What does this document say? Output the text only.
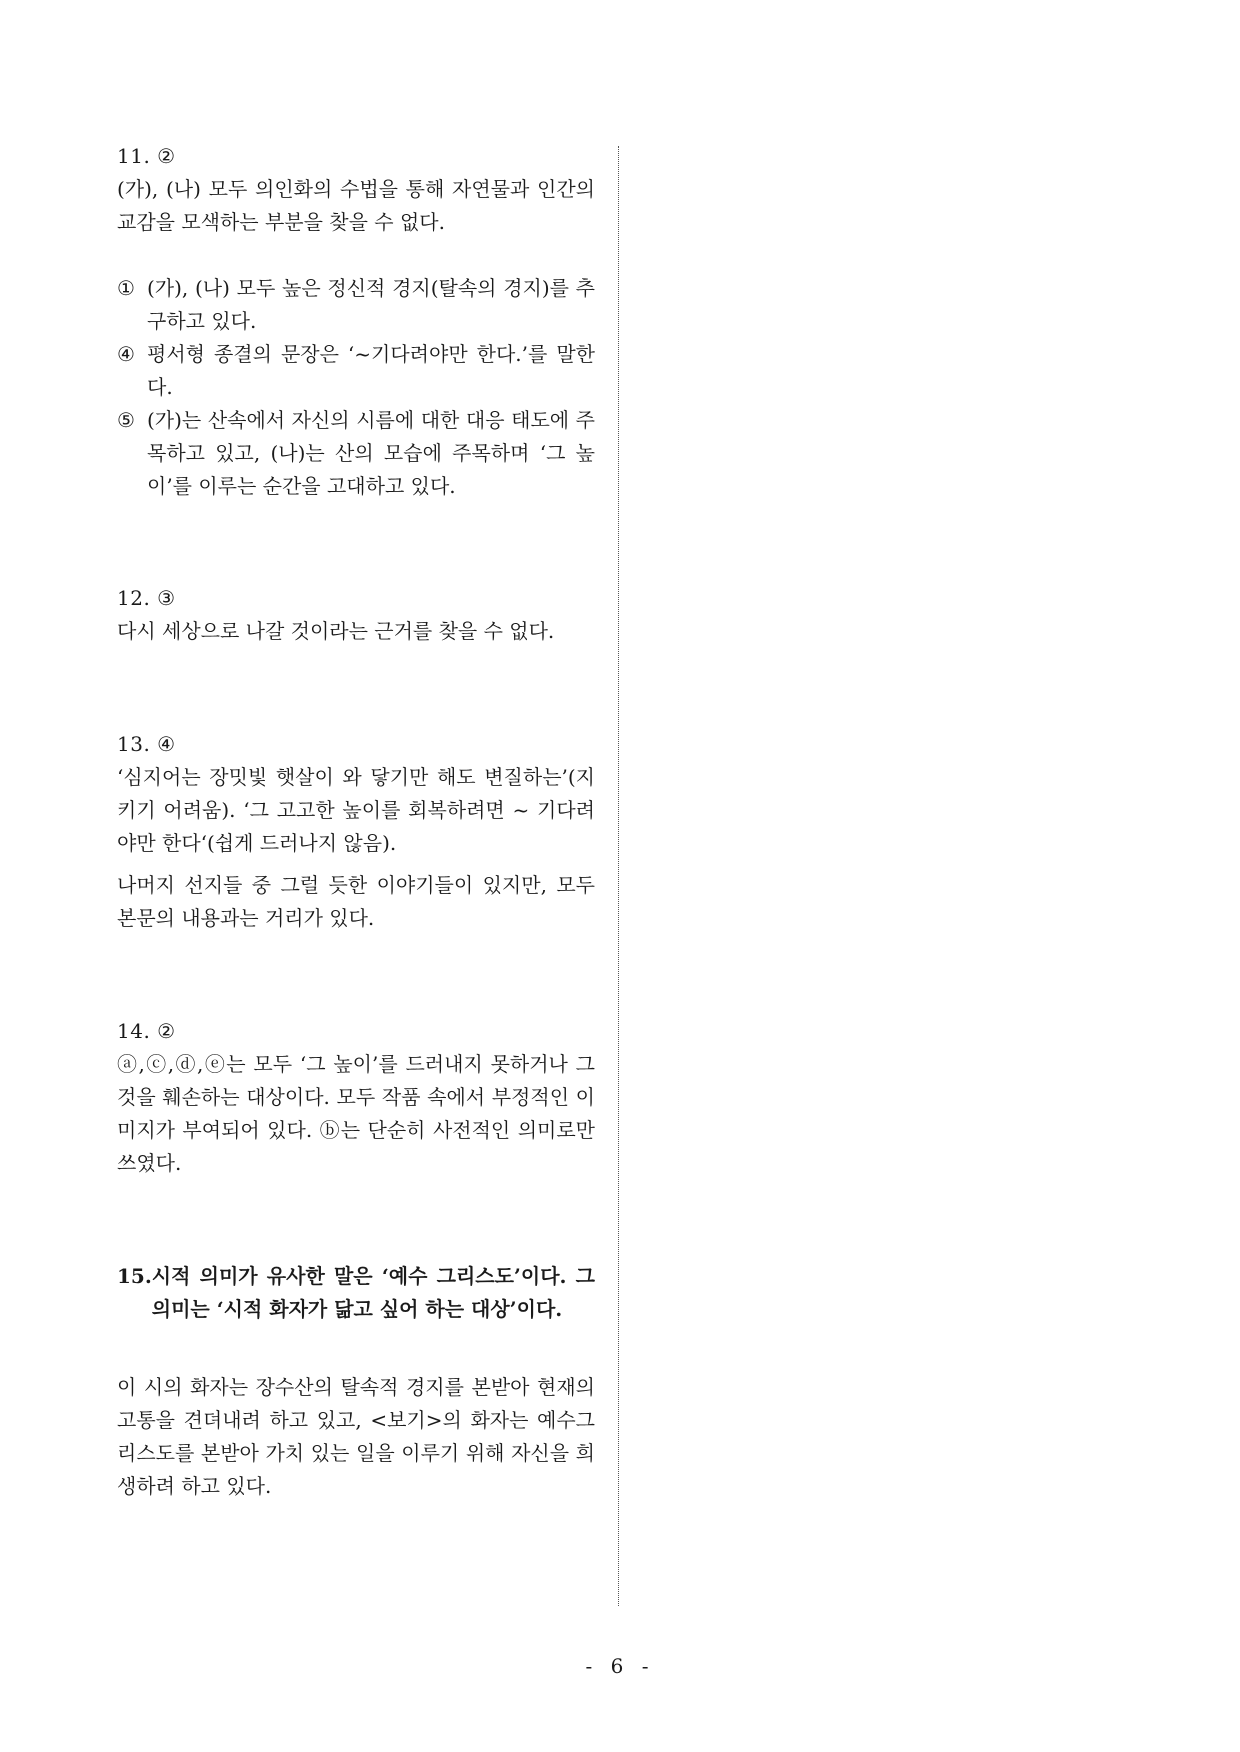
11. ②

(가), (나) 모두 의인화의 수법을 통해 자연물과 인간의 교감을 모색하는 부분을 찾을 수 없다.

① (가), (나) 모두 높은 정신적 경지(탈속의 경지)를 추구하고 있다.
④ 평서형 종결의 문장은 ‘~기다려야만 한다.’를 말한다.
⑤ (가)는 산속에서 자신의 시름에 대한 대응 태도에 주목하고 있고, (나)는 산의 모습에 주목하며 ‘그 높이’를 이루는 순간을 고대하고 있다.
12. ③

다시 세상으로 나갈 것이라는 근거를 찾을 수 없다.

13. ④

‘심지어는 장밋빛 햇살이 와 닿기만 해도 변질하는’(지키기 어려움). ‘그 고고한 높이를 회복하려면 ~ 기다려야만 한다‘(쉽게 드러나지 않음).

나머지 선지들 중 그럴 듯한 이야기들이 있지만, 모두 본문의 내용과는 거리가 있다.

14. ②

ⓐ,ⓒ,ⓓ,ⓔ는 모두 ‘그 높이’를 드러내지 못하거나 그것을 훼손하는 대상이다. 모두 작품 속에서 부정적인 이미지가 부여되어 있다. ⓑ는 단순히 사전적인 의미로만 쓰였다.

15. 시적 의미가 유사한 말은 ‘예수 그리스도’이다. 그 의미는 ‘시적 화자가 닮고 싶어 하는 대상’이다.

이 시의 화자는 장수산의 탈속적 경지를 본받아 현재의 고통을 견뎌내려 하고 있고, <보기>의 화자는 예수그리스도를 본받아 가치 있는 일을 이루기 위해 자신을 희생하려 하고 있다.

- 6 -
